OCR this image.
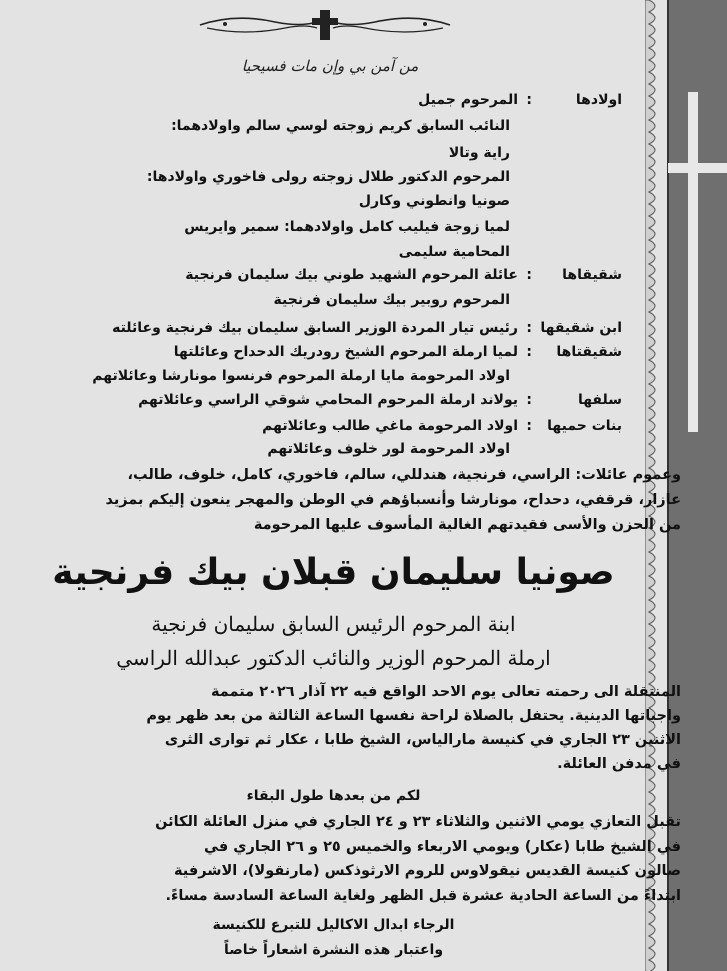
من آمن بي وإن مات فسيحيا
اولادها
:
المرحوم جميل
النائب السابق كريم زوجته لوسي سالم واولادهما:
راية وتالا
المرحوم الدكتور طلال زوجته رولى فاخوري واولادها:
صونيا وانطوني وكارل
لميا زوجة فيليب كامل واولادهما: سمير وايريس
المحامية سليمى
شقيقاها
:
عائلة المرحوم الشهيد طوني بيك سليمان فرنجية
المرحوم روبير بيك سليمان فرنجية
ابن شقيقها
:
رئيس تيار المردة الوزير السابق سليمان بيك فرنجية وعائلته
شقيقتاها
:
لميا ارملة المرحوم الشيخ رودريك الدحداح وعائلتها
اولاد المرحومة مايا ارملة المرحوم فرنسوا مونارشا وعائلاتهم
سلفها
:
يولاند ارملة المرحوم المحامي شوقي الراسي وعائلاتهم
بنات حميها
:
اولاد المرحومة ماغي طالب وعائلاتهم
اولاد المرحومة لور خلوف وعائلاتهم
وعموم عائلات: الراسي، فرنجية، هندللي، سالم، فاخوري، كامل، خلوف، طالب،
عازار، قرقفي، دحداح، مونارشا وأنسباؤهم في الوطن والمهجر ينعون إليكم بمزيد
من الحزن والأسى فقيدتهم الغالية المأسوف عليها المرحومة
صونيا سليمان قبلان بيك فرنجية
ابنة المرحوم الرئيس السابق سليمان فرنجية
ارملة المرحوم الوزير والنائب الدكتور عبدالله الراسي
المنتقلة الى رحمته تعالى يوم الاحد الواقع فيه ٢٢ آذار ٢٠٢٦ متممة
واجباتها الدينية. يحتفل بالصلاة لراحة نفسها الساعة الثالثة من بعد ظهر يوم
الاثنين ٢٣ الجاري في كنيسة مارالياس، الشيخ طابا ، عكار ثم توارى الثرى
في مدفن العائلة.
لكم من بعدها طول البقاء
تقبل التعازي يومي الاثنين والثلاثاء ٢٣ و ٢٤ الجاري في منزل العائلة الكائن
في الشيخ طابا (عكار) ويومي الاربعاء والخميس ٢٥ و ٢٦ الجاري في
صالون كنيسة القديس نيقولاوس للروم الارثوذكس (مارنقولا)، الاشرفية
ابتداءً من الساعة الحادية عشرة قبل الظهر ولغاية الساعة السادسة مساءً.
الرجاء ابدال الاكاليل للتبرع للكنيسة
واعتبار هذه النشرة اشعاراً خاصاً
